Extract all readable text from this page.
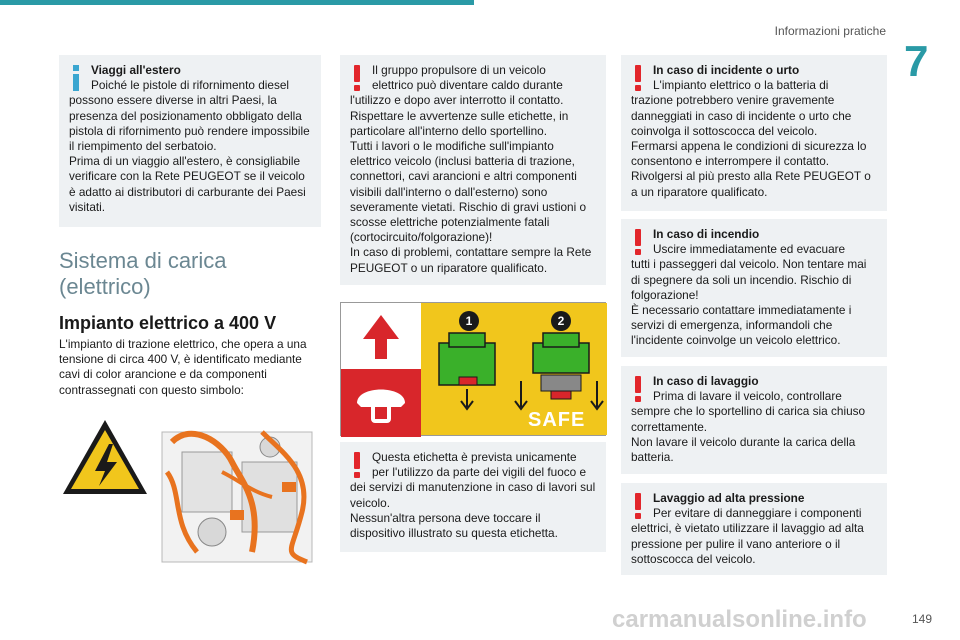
Informazioni pratiche
7
Viaggi all'estero
Poiché le pistole di rifornimento diesel

possono essere diverse in altri Paesi, la presenza del posizionamento obbligato della pistola di rifornimento può rendere impossibile il riempimento del serbatoio.
Prima di un viaggio all'estero, è consigliabile verificare con la Rete PEUGEOT se il veicolo è adatto ai distributori di carburante dei Paesi visitati.

Sistema di carica (elettrico)
Impianto elettrico a 400 V
L'impianto di trazione elettrico, che opera a una tensione di circa 400 V, è identificato mediante cavi di color arancione e da componenti contrassegnati con questo simbolo:
Il gruppo propulsore di un veicolo
elettrico può diventare caldo durante

l'utilizzo e dopo aver interrotto il contatto.
Rispettare le avvertenze sulle etichette, in particolare all'interno dello sportellino.
Tutti i lavori o le modifiche sull'impianto elettrico veicolo (inclusi batteria di trazione, connettori, cavi arancioni e altri componenti visibili dall'interno o dall'esterno) sono severamente vietati. Rischio di gravi ustioni o scosse elettriche potenzialmente fatali (cortocircuito/folgorazione)!
In caso di problemi, contattare sempre la Rete PEUGEOT o un riparatore qualificato.

1	2
SAFE
Questa etichetta è prevista unicamente
per l'utilizzo da parte dei vigili del fuoco e

dei servizi di manutenzione in caso di lavori sul veicolo.
Nessun'altra persona deve toccare il dispositivo illustrato su questa etichetta.

In caso di incidente o urto
L'impianto elettrico o la batteria di

trazione potrebbero venire gravemente danneggiati in caso di incidente o urto che coinvolga il sottoscocca del veicolo.
Fermarsi appena le condizioni di sicurezza lo consentono e interrompere il contatto.
Rivolgersi al più presto alla Rete PEUGEOT o a un riparatore qualificato.

In caso di incendio
Uscire immediatamente ed evacuare

tutti i passeggeri dal veicolo. Non tentare mai di spegnere da soli un incendio. Rischio di folgorazione!
È necessario contattare immediatamente i servizi di emergenza, informandoli che l'incidente coinvolge un veicolo elettrico.

In caso di lavaggio
Prima di lavare il veicolo, controllare

sempre che lo sportellino di carica sia chiuso correttamente.
Non lavare il veicolo durante la carica della batteria.

Lavaggio ad alta pressione
Per evitare di danneggiare i componenti

elettrici, è vietato utilizzare il lavaggio ad alta pressione per pulire il vano anteriore o il sottoscocca del veicolo.

carmanualsonline.info	149
